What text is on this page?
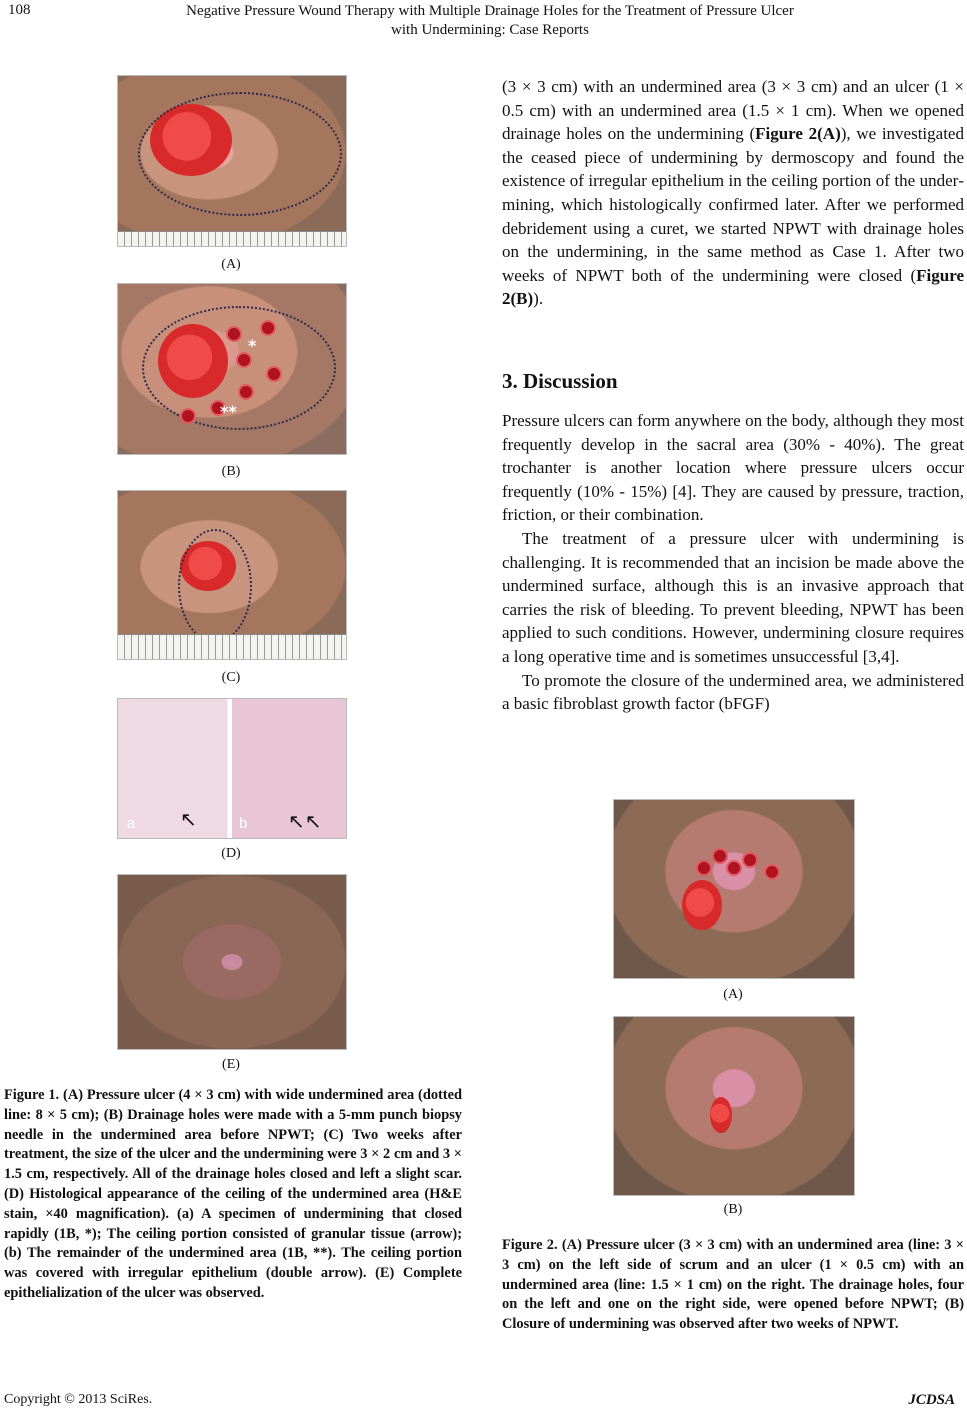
108	Negative Pressure Wound Therapy with Multiple Drainage Holes for the Treatment of Pressure Ulcer
with Undermining: Case Reports
(A)
*
**
(B)
(C)
a	b
↖	↖↖
(D)
(E)
Figure 1. (A) Pressure ulcer (4 × 3 cm) with wide undermined area (dotted line: 8 × 5 cm); (B) Drainage holes were made with a 5-mm punch biopsy needle in the undermined area before NPWT; (C) Two weeks after treatment, the size of the ulcer and the undermining were 3 × 2 cm and 3 × 1.5 cm, respectively. All of the drainage holes closed and left a slight scar. (D) Histological appearance of the ceiling of the undermined area (H&E stain, ×40 magnification). (a) A specimen of undermining that closed rapidly (1B, *); The ceiling portion consisted of granular tissue (arrow); (b) The remainder of the undermined area (1B, **). The ceiling portion was covered with irregular epithelium (double arrow). (E) Complete epithelialization of the ulcer was observed.

(3 × 3 cm) with an undermined area (3 × 3 cm) and an ulcer (1 × 0.5 cm) with an undermined area (1.5 × 1 cm). When we opened drainage holes on the undermining (Figure 2(A)), we investigated the ceased piece of undermining by dermoscopy and found the existence of irregular epithelium in the ceiling portion of the undermining, which histologically confirmed later. After we performed debridement using a curet, we started NPWT with drainage holes on the undermining, in the same method as Case 1. After two weeks of NPWT both of the undermining were closed (Figure 2(B)).

3. Discussion

Pressure ulcers can form anywhere on the body, although they most frequently develop in the sacral area (30% - 40%). The great trochanter is another location where pressure ulcers occur frequently (10% - 15%) [4]. They are caused by pressure, traction, friction, or their combination.

The treatment of a pressure ulcer with undermining is challenging. It is recommended that an incision be made above the undermined surface, although this is an invasive approach that carries the risk of bleeding. To prevent bleeding, NPWT has been applied to such conditions. However, undermining closure requires a long operative time and is sometimes unsuccessful [3,4].

To promote the closure of the undermined area, we administered a basic fibroblast growth factor (bFGF)

(A)
(B)
Figure 2. (A) Pressure ulcer (3 × 3 cm) with an undermined area (line: 3 × 3 cm) on the left side of scrum and an ulcer (1 × 0.5 cm) with an undermined area (line: 1.5 × 1 cm) on the right. The drainage holes, four on the left and one on the right side, were opened before NPWT; (B) Closure of undermining was observed after two weeks of NPWT.
Copyright © 2013 SciRes.	JCDSA
